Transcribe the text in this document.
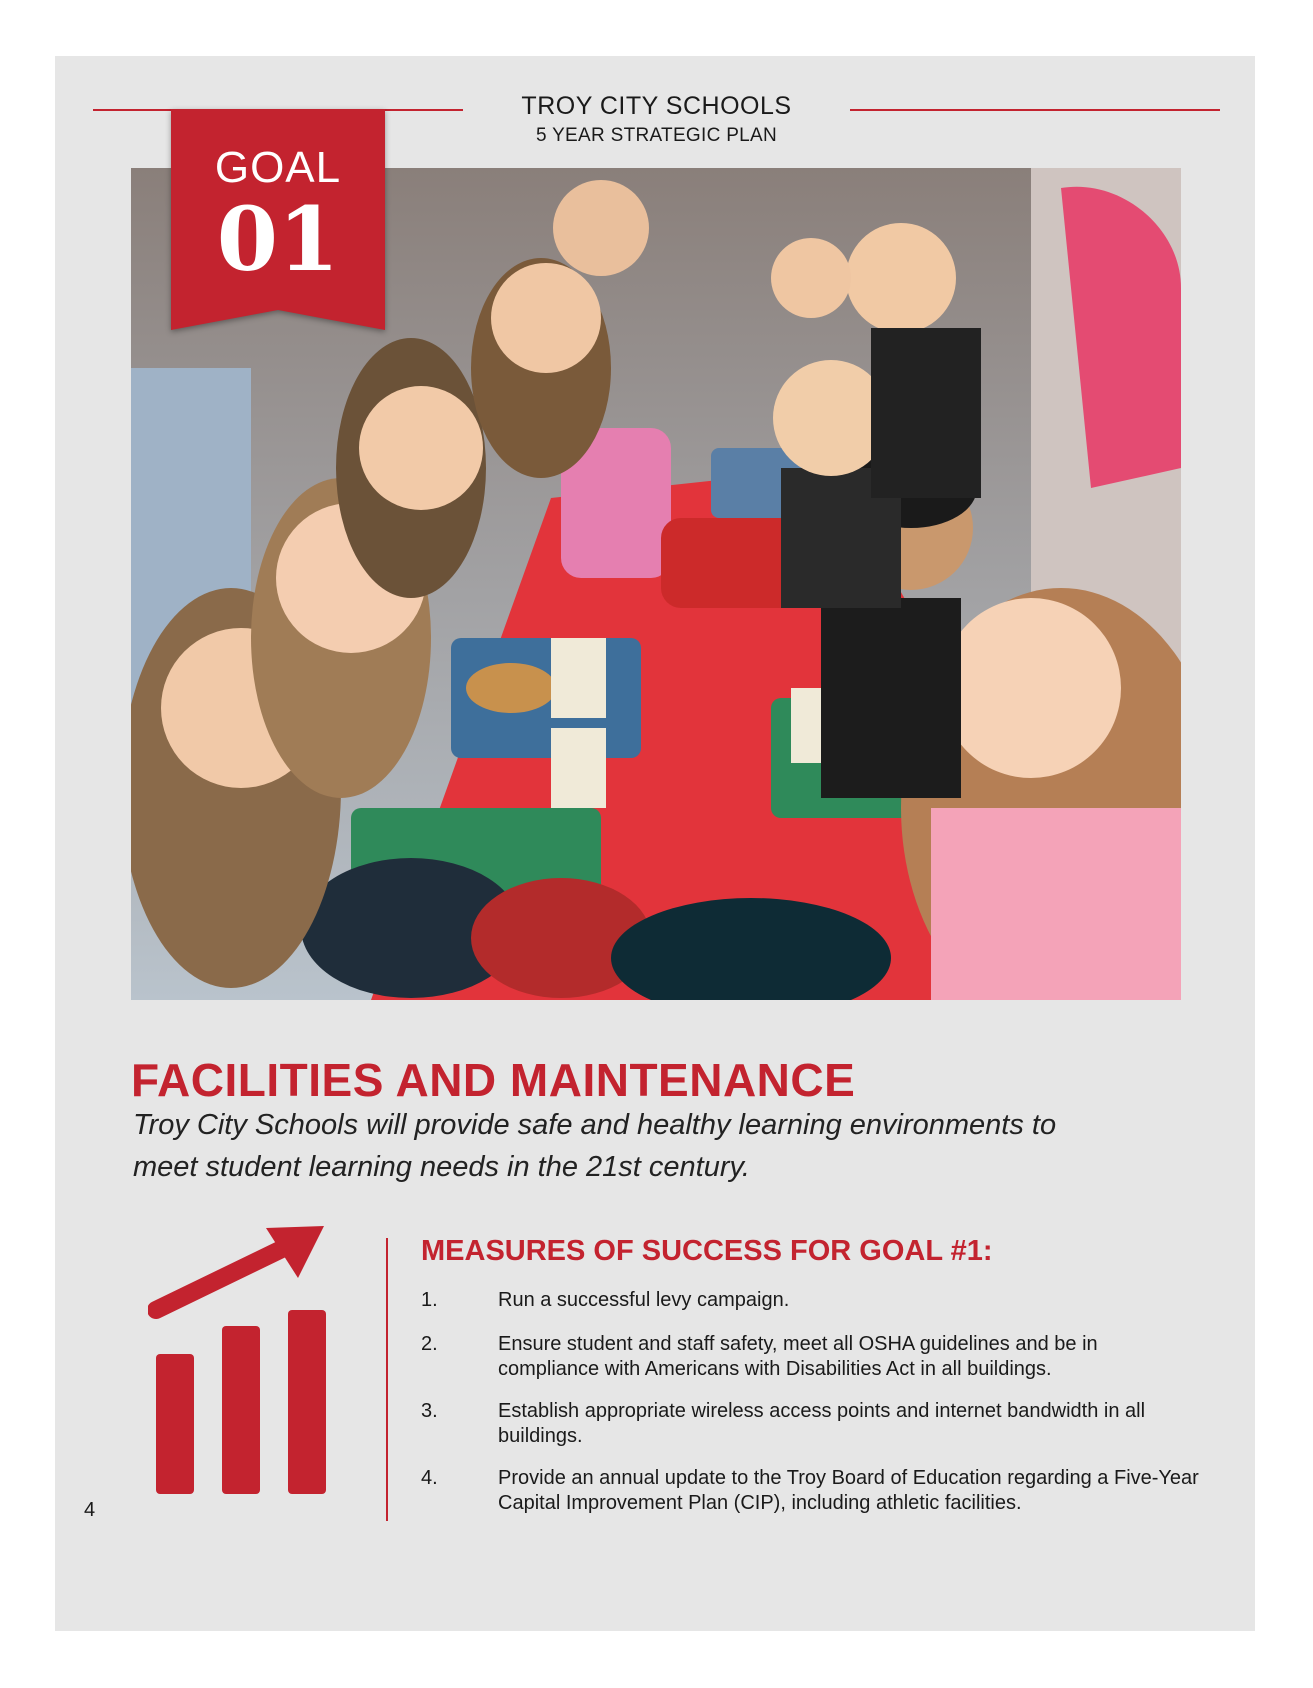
TROY CITY SCHOOLS
5 YEAR STRATEGIC PLAN
GOAL
01
FACILITIES AND MAINTENANCE
Troy City Schools will provide safe and healthy learning environments to meet student learning needs in the 21st century.
MEASURES OF SUCCESS FOR GOAL #1:
1.	Run a successful levy campaign.
2.	Ensure student and staff safety, meet all OSHA guidelines and be in compliance with Americans with Disabilities Act in all buildings.
3.	Establish appropriate wireless access points and internet bandwidth in all buildings.
4.	Provide an annual update to the Troy Board of Education regarding a Five-Year Capital Improvement Plan (CIP), including athletic facilities.
4
